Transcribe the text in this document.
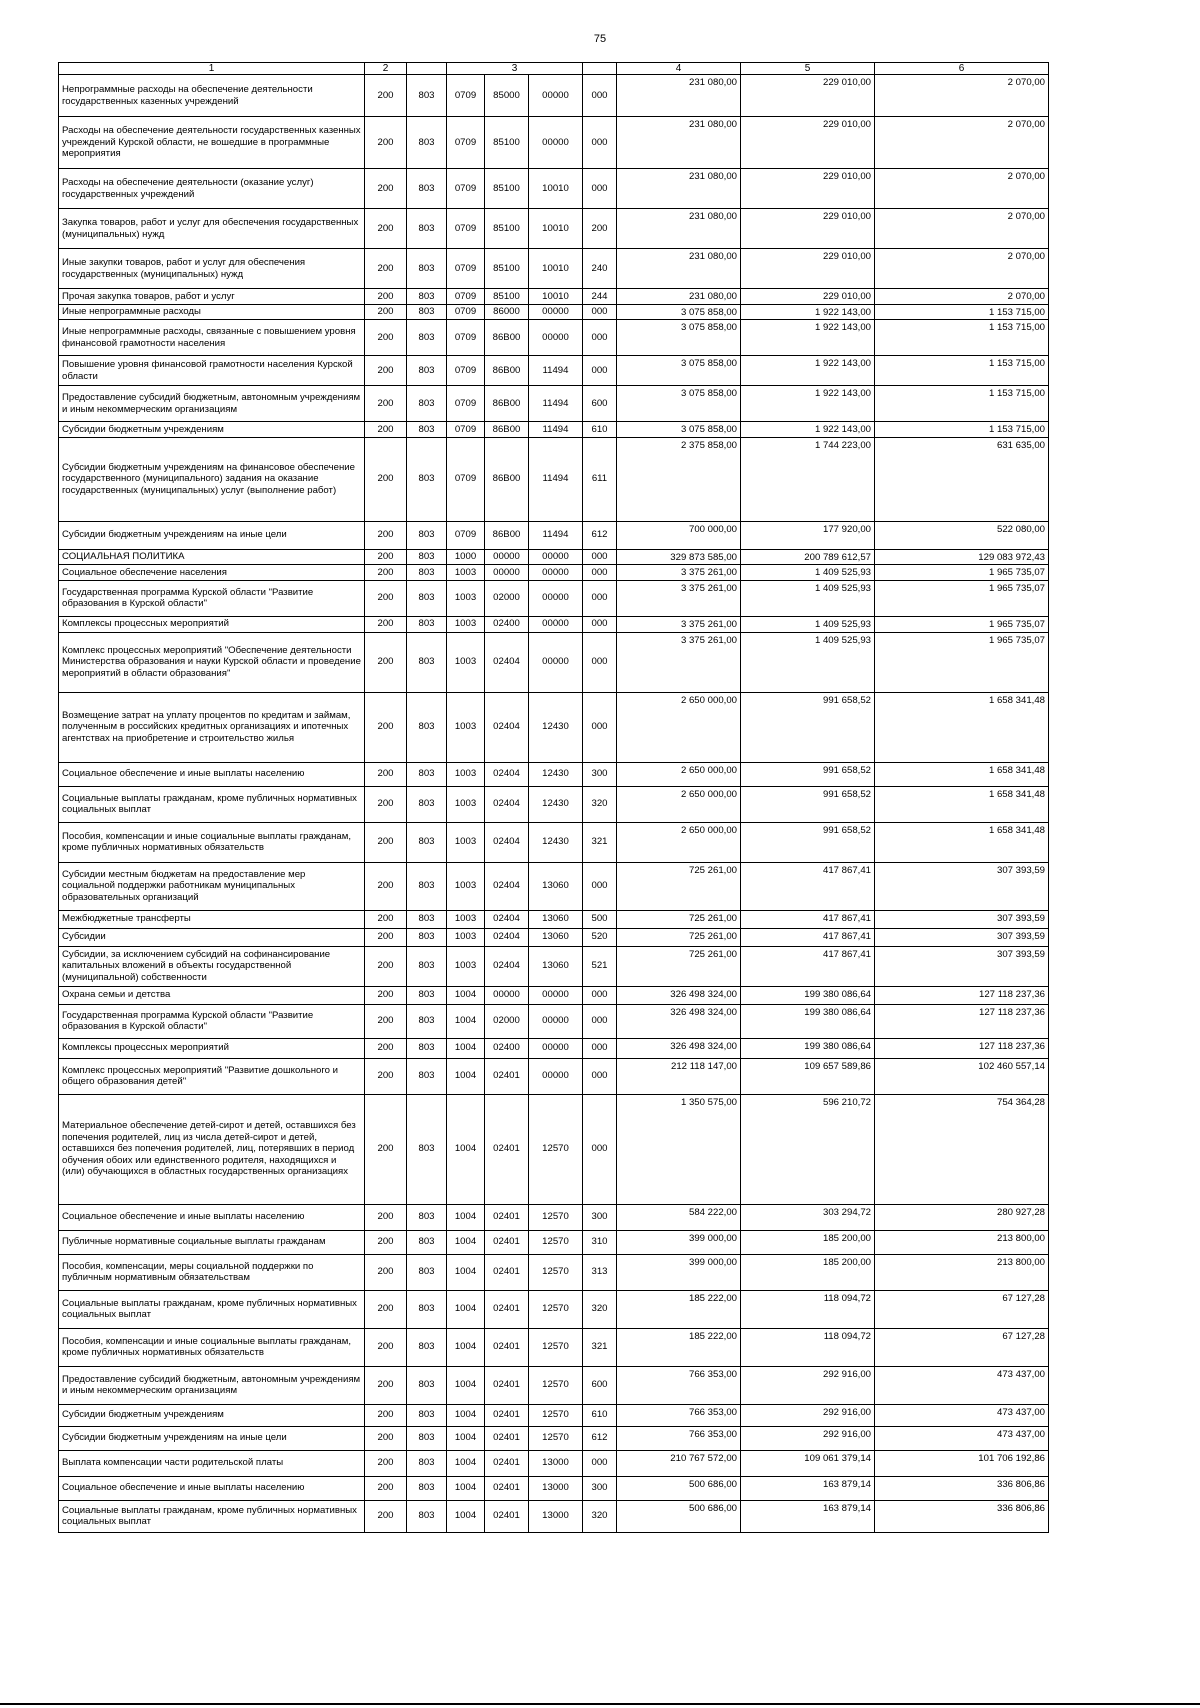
75
1	2		3				4	5	6
Непрограммные расходы на обеспечение деятельности государственных казенных учреждений	200	803	0709	85000	00000	000	231 080,00	229 010,00	2 070,00
Расходы на обеспечение деятельности государственных казенных учреждений Курской области, не вошедшие в программные мероприятия	200	803	0709	85100	00000	000	231 080,00	229 010,00	2 070,00
Расходы на обеспечение деятельности (оказание услуг) государственных учреждений	200	803	0709	85100	10010	000	231 080,00	229 010,00	2 070,00
Закупка товаров, работ и услуг для обеспечения государственных (муниципальных) нужд	200	803	0709	85100	10010	200	231 080,00	229 010,00	2 070,00
Иные закупки товаров, работ и услуг для обеспечения государственных (муниципальных) нужд	200	803	0709	85100	10010	240	231 080,00	229 010,00	2 070,00
Прочая закупка товаров, работ и услуг	200	803	0709	85100	10010	244	231 080,00	229 010,00	2 070,00
Иные непрограммные расходы	200	803	0709	86000	00000	000	3 075 858,00	1 922 143,00	1 153 715,00
Иные непрограммные расходы, связанные с повышением уровня финансовой грамотности населения	200	803	0709	86В00	00000	000	3 075 858,00	1 922 143,00	1 153 715,00
Повышение уровня финансовой грамотности населения Курской области	200	803	0709	86В00	11494	000	3 075 858,00	1 922 143,00	1 153 715,00
Предоставление субсидий бюджетным, автономным учреждениям и иным некоммерческим организациям	200	803	0709	86В00	11494	600	3 075 858,00	1 922 143,00	1 153 715,00
Субсидии бюджетным учреждениям	200	803	0709	86В00	11494	610	3 075 858,00	1 922 143,00	1 153 715,00
Субсидии бюджетным учреждениям на финансовое обеспечение государственного (муниципального) задания на оказание государственных (муниципальных) услуг (выполнение работ)	200	803	0709	86В00	11494	611	2 375 858,00	1 744 223,00	631 635,00
Субсидии бюджетным учреждениям на иные цели	200	803	0709	86В00	11494	612	700 000,00	177 920,00	522 080,00
СОЦИАЛЬНАЯ ПОЛИТИКА	200	803	1000	00000	00000	000	329 873 585,00	200 789 612,57	129 083 972,43
Социальное обеспечение населения	200	803	1003	00000	00000	000	3 375 261,00	1 409 525,93	1 965 735,07
Государственная программа Курской области "Развитие образования в Курской области"	200	803	1003	02000	00000	000	3 375 261,00	1 409 525,93	1 965 735,07
Комплексы процессных мероприятий	200	803	1003	02400	00000	000	3 375 261,00	1 409 525,93	1 965 735,07
Комплекс процессных мероприятий "Обеспечение деятельности Министерства образования и науки Курской области и проведение мероприятий в области образования"	200	803	1003	02404	00000	000	3 375 261,00	1 409 525,93	1 965 735,07
Возмещение затрат на уплату процентов по кредитам и займам, полученным в российских кредитных организациях и ипотечных агентствах на приобретение и строительство жилья	200	803	1003	02404	12430	000	2 650 000,00	991 658,52	1 658 341,48
Социальное обеспечение и иные выплаты населению	200	803	1003	02404	12430	300	2 650 000,00	991 658,52	1 658 341,48
Социальные выплаты гражданам, кроме публичных нормативных социальных выплат	200	803	1003	02404	12430	320	2 650 000,00	991 658,52	1 658 341,48
Пособия, компенсации и иные социальные выплаты гражданам, кроме публичных нормативных обязательств	200	803	1003	02404	12430	321	2 650 000,00	991 658,52	1 658 341,48
Субсидии местным бюджетам на предоставление мер социальной поддержки работникам муниципальных образовательных организаций	200	803	1003	02404	13060	000	725 261,00	417 867,41	307 393,59
Межбюджетные трансферты	200	803	1003	02404	13060	500	725 261,00	417 867,41	307 393,59
Субсидии	200	803	1003	02404	13060	520	725 261,00	417 867,41	307 393,59
Субсидии, за исключением субсидий на софинансирование капитальных вложений в объекты государственной (муниципальной) собственности	200	803	1003	02404	13060	521	725 261,00	417 867,41	307 393,59
Охрана семьи и детства	200	803	1004	00000	00000	000	326 498 324,00	199 380 086,64	127 118 237,36
Государственная программа Курской области "Развитие образования в Курской области"	200	803	1004	02000	00000	000	326 498 324,00	199 380 086,64	127 118 237,36
Комплексы процессных мероприятий	200	803	1004	02400	00000	000	326 498 324,00	199 380 086,64	127 118 237,36
Комплекс процессных мероприятий "Развитие дошкольного и общего образования детей"	200	803	1004	02401	00000	000	212 118 147,00	109 657 589,86	102 460 557,14
Материальное обеспечение детей-сирот и детей, оставшихся без попечения родителей, лиц из числа детей-сирот и детей, оставшихся без попечения родителей, лиц, потерявших в период обучения обоих или единственного родителя, находящихся и (или) обучающихся в областных государственных организациях	200	803	1004	02401	12570	000	1 350 575,00	596 210,72	754 364,28
Социальное обеспечение и иные выплаты населению	200	803	1004	02401	12570	300	584 222,00	303 294,72	280 927,28
Публичные нормативные социальные выплаты гражданам	200	803	1004	02401	12570	310	399 000,00	185 200,00	213 800,00
Пособия, компенсации, меры социальной поддержки по публичным нормативным обязательствам	200	803	1004	02401	12570	313	399 000,00	185 200,00	213 800,00
Социальные выплаты гражданам, кроме публичных нормативных социальных выплат	200	803	1004	02401	12570	320	185 222,00	118 094,72	67 127,28
Пособия, компенсации и иные социальные выплаты гражданам, кроме публичных нормативных обязательств	200	803	1004	02401	12570	321	185 222,00	118 094,72	67 127,28
Предоставление субсидий бюджетным, автономным учреждениям и иным некоммерческим организациям	200	803	1004	02401	12570	600	766 353,00	292 916,00	473 437,00
Субсидии бюджетным учреждениям	200	803	1004	02401	12570	610	766 353,00	292 916,00	473 437,00
Субсидии бюджетным учреждениям на иные цели	200	803	1004	02401	12570	612	766 353,00	292 916,00	473 437,00
Выплата компенсации части родительской платы	200	803	1004	02401	13000	000	210 767 572,00	109 061 379,14	101 706 192,86
Социальное обеспечение и иные выплаты населению	200	803	1004	02401	13000	300	500 686,00	163 879,14	336 806,86
Социальные выплаты гражданам, кроме публичных нормативных социальных выплат	200	803	1004	02401	13000	320	500 686,00	163 879,14	336 806,86
